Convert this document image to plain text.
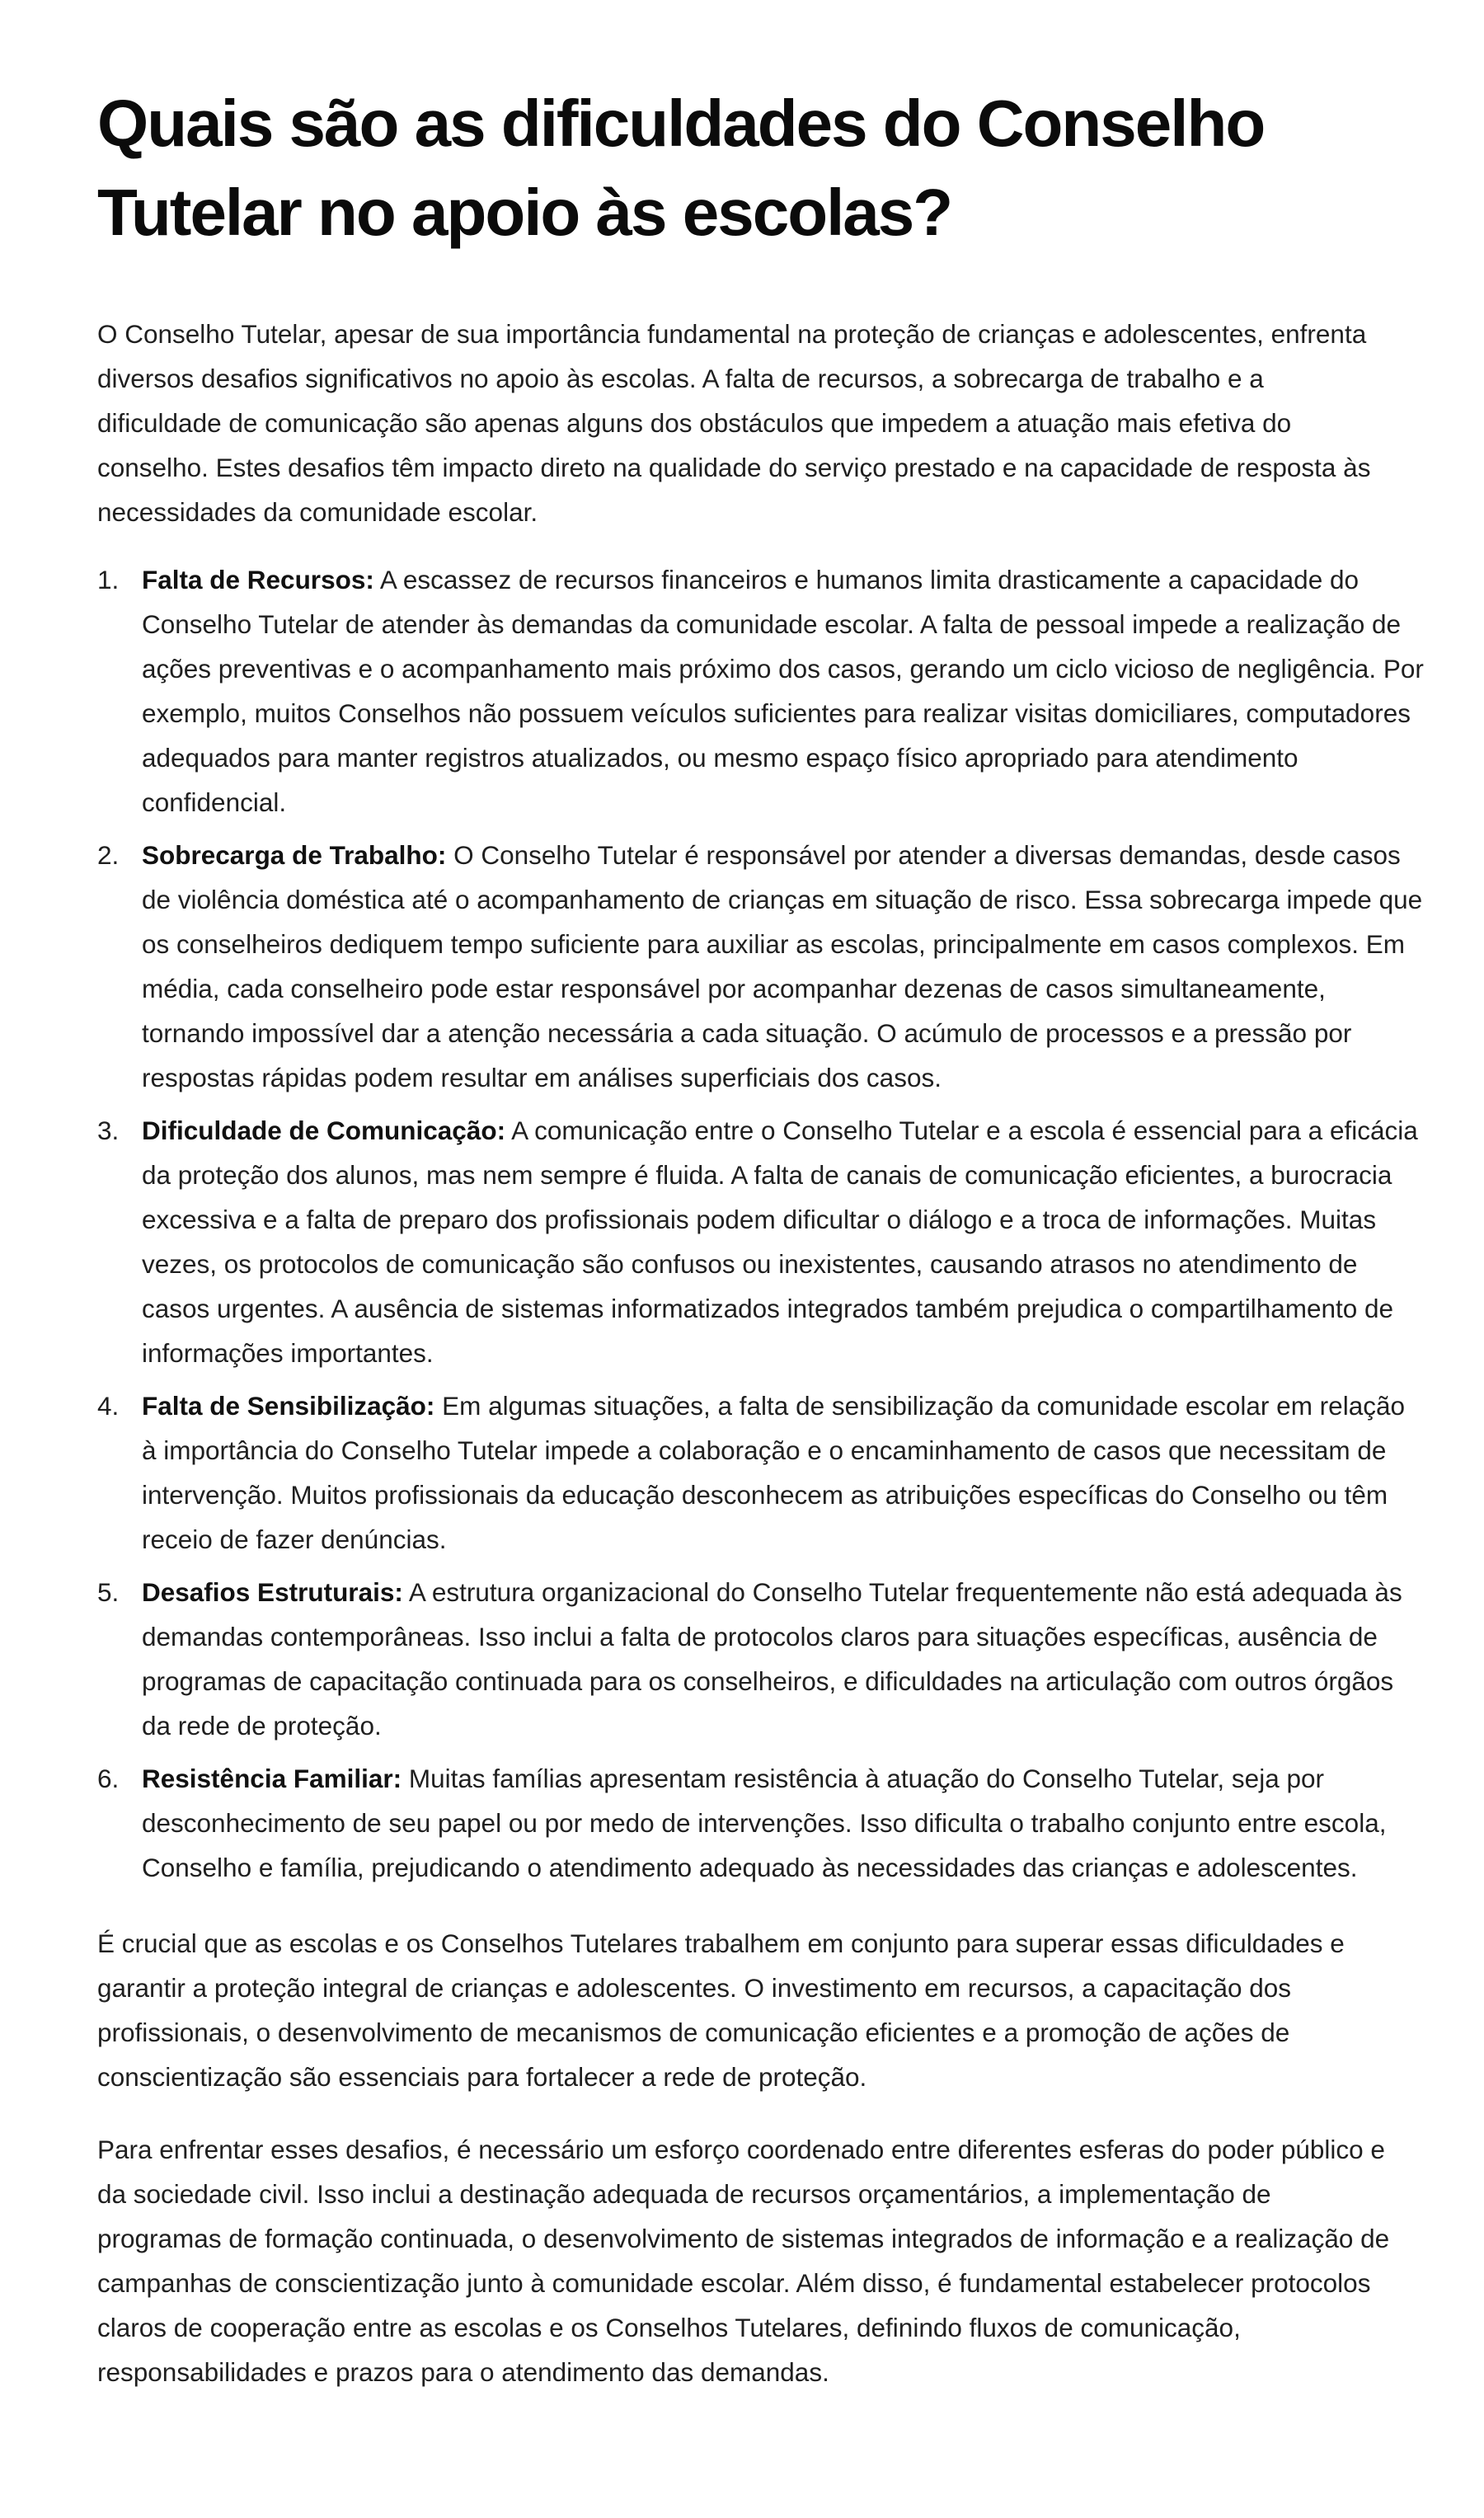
Quais são as dificuldades do Conselho Tutelar no apoio às escolas?

O Conselho Tutelar, apesar de sua importância fundamental na proteção de crianças e adolescentes, enfrenta diversos desafios significativos no apoio às escolas. A falta de recursos, a sobrecarga de trabalho e a dificuldade de comunicação são apenas alguns dos obstáculos que impedem a atuação mais efetiva do conselho. Estes desafios têm impacto direto na qualidade do serviço prestado e na capacidade de resposta às necessidades da comunidade escolar.

1. Falta de Recursos: A escassez de recursos financeiros e humanos limita drasticamente a capacidade do Conselho Tutelar de atender às demandas da comunidade escolar. A falta de pessoal impede a realização de ações preventivas e o acompanhamento mais próximo dos casos, gerando um ciclo vicioso de negligência. Por exemplo, muitos Conselhos não possuem veículos suficientes para realizar visitas domiciliares, computadores adequados para manter registros atualizados, ou mesmo espaço físico apropriado para atendimento confidencial.
2. Sobrecarga de Trabalho: O Conselho Tutelar é responsável por atender a diversas demandas, desde casos de violência doméstica até o acompanhamento de crianças em situação de risco. Essa sobrecarga impede que os conselheiros dediquem tempo suficiente para auxiliar as escolas, principalmente em casos complexos. Em média, cada conselheiro pode estar responsável por acompanhar dezenas de casos simultaneamente, tornando impossível dar a atenção necessária a cada situação. O acúmulo de processos e a pressão por respostas rápidas podem resultar em análises superficiais dos casos.
3. Dificuldade de Comunicação: A comunicação entre o Conselho Tutelar e a escola é essencial para a eficácia da proteção dos alunos, mas nem sempre é fluida. A falta de canais de comunicação eficientes, a burocracia excessiva e a falta de preparo dos profissionais podem dificultar o diálogo e a troca de informações. Muitas vezes, os protocolos de comunicação são confusos ou inexistentes, causando atrasos no atendimento de casos urgentes. A ausência de sistemas informatizados integrados também prejudica o compartilhamento de informações importantes.
4. Falta de Sensibilização: Em algumas situações, a falta de sensibilização da comunidade escolar em relação à importância do Conselho Tutelar impede a colaboração e o encaminhamento de casos que necessitam de intervenção. Muitos profissionais da educação desconhecem as atribuições específicas do Conselho ou têm receio de fazer denúncias.
5. Desafios Estruturais: A estrutura organizacional do Conselho Tutelar frequentemente não está adequada às demandas contemporâneas. Isso inclui a falta de protocolos claros para situações específicas, ausência de programas de capacitação continuada para os conselheiros, e dificuldades na articulação com outros órgãos da rede de proteção.
6. Resistência Familiar: Muitas famílias apresentam resistência à atuação do Conselho Tutelar, seja por desconhecimento de seu papel ou por medo de intervenções. Isso dificulta o trabalho conjunto entre escola, Conselho e família, prejudicando o atendimento adequado às necessidades das crianças e adolescentes.

É crucial que as escolas e os Conselhos Tutelares trabalhem em conjunto para superar essas dificuldades e garantir a proteção integral de crianças e adolescentes. O investimento em recursos, a capacitação dos profissionais, o desenvolvimento de mecanismos de comunicação eficientes e a promoção de ações de conscientização são essenciais para fortalecer a rede de proteção.

Para enfrentar esses desafios, é necessário um esforço coordenado entre diferentes esferas do poder público e da sociedade civil. Isso inclui a destinação adequada de recursos orçamentários, a implementação de programas de formação continuada, o desenvolvimento de sistemas integrados de informação e a realização de campanhas de conscientização junto à comunidade escolar. Além disso, é fundamental estabelecer protocolos claros de cooperação entre as escolas e os Conselhos Tutelares, definindo fluxos de comunicação, responsabilidades e prazos para o atendimento das demandas.
